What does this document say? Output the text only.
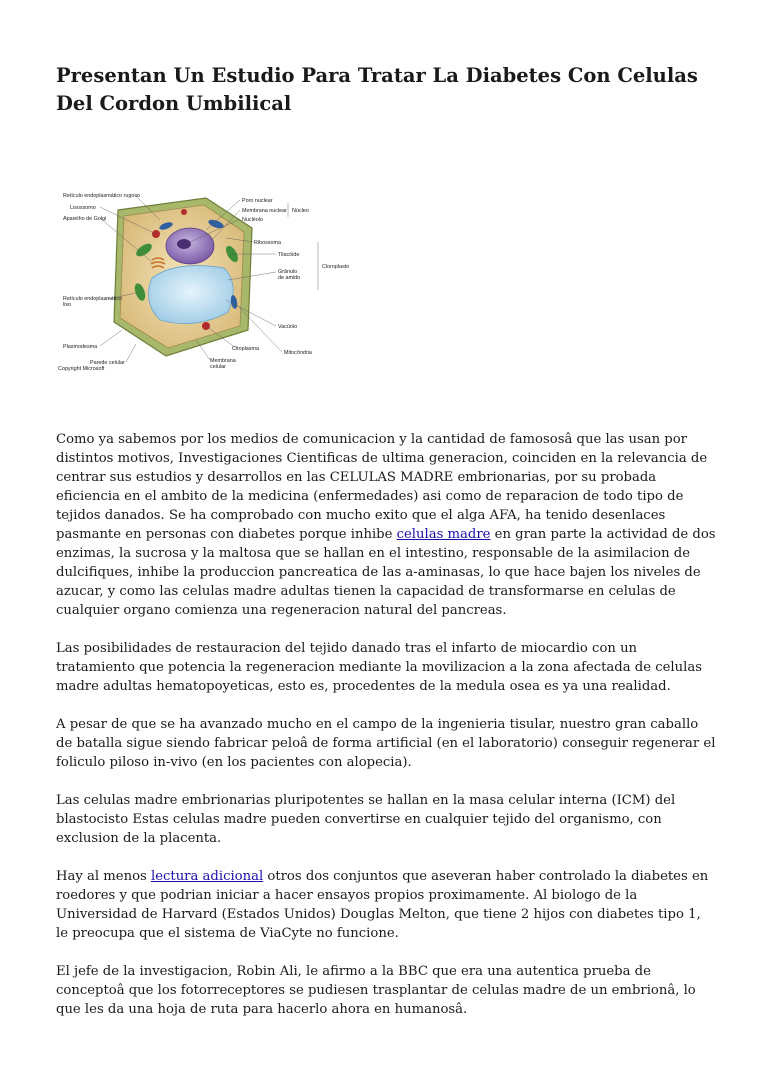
Presentan Un Estudio Para Tratar La Diabetes Con Celulas Del Cordon Umbilical
Retículo endoplasmático rugoso
Lisossomo
Aparelho de Golgi
Poro nuclear
Membrana nuclear
Nucléolo
Núcleo
Ribossoma
Tilacóide
Cloroplasto
Grânulo
de amido
Retículo endoplasmático
liso
Plasmodesma
Parede celular
Copyright Microsoft
Vacúolo
Citoplasma
Mitocôndria
Membrana
celular

Como ya sabemos por los medios de comunicacion y la cantidad de famososâ que las usan por distintos motivos, Investigaciones Cientificas de ultima generacion, coinciden en la relevancia de centrar sus estudios y desarrollos en las CELULAS MADRE embrionarias, por su probada eficiencia en el ambito de la medicina (enfermedades) asi como de reparacion de todo tipo de tejidos danados. Se ha comprobado con mucho exito que el alga AFA, ha tenido desenlaces pasmante en personas con diabetes porque inhibe celulas madre en gran parte la actividad de dos enzimas, la sucrosa y la maltosa que se hallan en el intestino, responsable de la asimilacion de dulcifiques, inhibe la produccion pancreatica de las a-aminasas, lo que hace bajen los niveles de azucar, y como las celulas madre adultas tienen la capacidad de transformarse en celulas de cualquier organo comienza una regeneracion natural del pancreas.

Las posibilidades de restauracion del tejido danado tras el infarto de miocardio con un tratamiento que potencia la regeneracion mediante la movilizacion a la zona afectada de celulas madre adultas hematopoyeticas, esto es, procedentes de la medula osea es ya una realidad.

A pesar de que se ha avanzado mucho en el campo de la ingenieria tisular, nuestro gran caballo de batalla sigue siendo fabricar peloâ de forma artificial (en el laboratorio) conseguir regenerar el foliculo piloso in-vivo (en los pacientes con alopecia).

Las celulas madre embrionarias pluripotentes se hallan en la masa celular interna (ICM) del blastocisto Estas celulas madre pueden convertirse en cualquier tejido del organismo, con exclusion de la placenta.

Hay al menos lectura adicional otros dos conjuntos que aseveran haber controlado la diabetes en roedores y que podrian iniciar a hacer ensayos propios proximamente. Al biologo de la Universidad de Harvard (Estados Unidos) Douglas Melton, que tiene 2 hijos con diabetes tipo 1, le preocupa que el sistema de ViaCyte no funcione.

El jefe de la investigacion, Robin Ali, le afirmo a la BBC que era una autentica prueba de conceptoâ que los fotorreceptores se pudiesen trasplantar de celulas madre de un embrionâ, lo que les da una hoja de ruta para hacerlo ahora en humanosâ.
